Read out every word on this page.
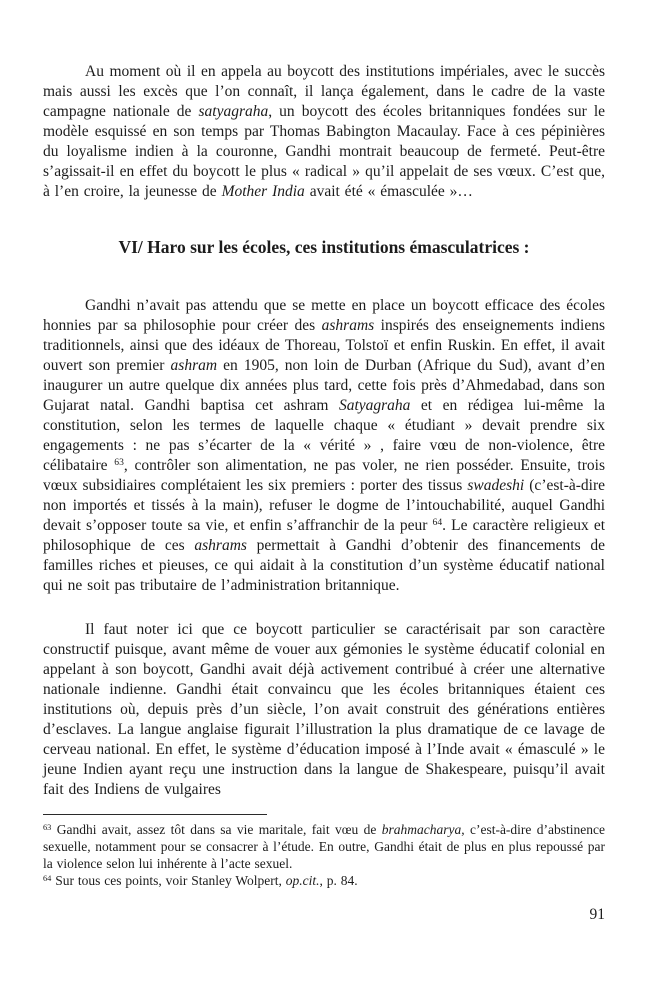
Au moment où il en appela au boycott des institutions impériales, avec le succès mais aussi les excès que l’on connaît, il lança également, dans le cadre de la vaste campagne nationale de satyagraha, un boycott des écoles britanniques fondées sur le modèle esquissé en son temps par Thomas Babington Macaulay. Face à ces pépinières du loyalisme indien à la couronne, Gandhi montrait beaucoup de fermeté. Peut-être s’agissait-il en effet du boycott le plus « radical » qu’il appelait de ses vœux. C’est que, à l’en croire, la jeunesse de Mother India avait été « émasculée »…

VI/ Haro sur les écoles, ces institutions émasculatrices :

Gandhi n’avait pas attendu que se mette en place un boycott efficace des écoles honnies par sa philosophie pour créer des ashrams inspirés des enseignements indiens traditionnels, ainsi que des idéaux de Thoreau, Tolstoï et enfin Ruskin. En effet, il avait ouvert son premier ashram en 1905, non loin de Durban (Afrique du Sud), avant d’en inaugurer un autre quelque dix années plus tard, cette fois près d’Ahmedabad, dans son Gujarat natal. Gandhi baptisa cet ashram Satyagraha et en rédigea lui-même la constitution, selon les termes de laquelle chaque « étudiant » devait prendre six engagements : ne pas s’écarter de la « vérité » , faire vœu de non-violence, être célibataire $^{63}$, contrôler son alimentation, ne pas voler, ne rien posséder. Ensuite, trois vœux subsidiaires complétaient les six premiers : porter des tissus swadeshi (c’est-à-dire non importés et tissés à la main), refuser le dogme de l’intouchabilité, auquel Gandhi devait s’opposer toute sa vie, et enfin s’affranchir de la peur $^{64}$. Le caractère religieux et philosophique de ces ashrams permettait à Gandhi d’obtenir des financements de familles riches et pieuses, ce qui aidait à la constitution d’un système éducatif national qui ne soit pas tributaire de l’administration britannique.

Il faut noter ici que ce boycott particulier se caractérisait par son caractère constructif puisque, avant même de vouer aux gémonies le système éducatif colonial en appelant à son boycott, Gandhi avait déjà activement contribué à créer une alternative nationale indienne. Gandhi était convaincu que les écoles britanniques étaient ces institutions où, depuis près d’un siècle, l’on avait construit des générations entières d’esclaves. La langue anglaise figurait l’illustration la plus dramatique de ce lavage de cerveau national. En effet, le système d’éducation imposé à l’Inde avait « émasculé » le jeune Indien ayant reçu une instruction dans la langue de Shakespeare, puisqu’il avait fait des Indiens de vulgaires

$^{63}$ Gandhi avait, assez tôt dans sa vie maritale, fait vœu de brahmacharya, c’est-à-dire d’abstinence sexuelle, notamment pour se consacrer à l’étude. En outre, Gandhi était de plus en plus repoussé par la violence selon lui inhérente à l’acte sexuel.

$^{64}$ Sur tous ces points, voir Stanley Wolpert, op.cit., p. 84.

91
